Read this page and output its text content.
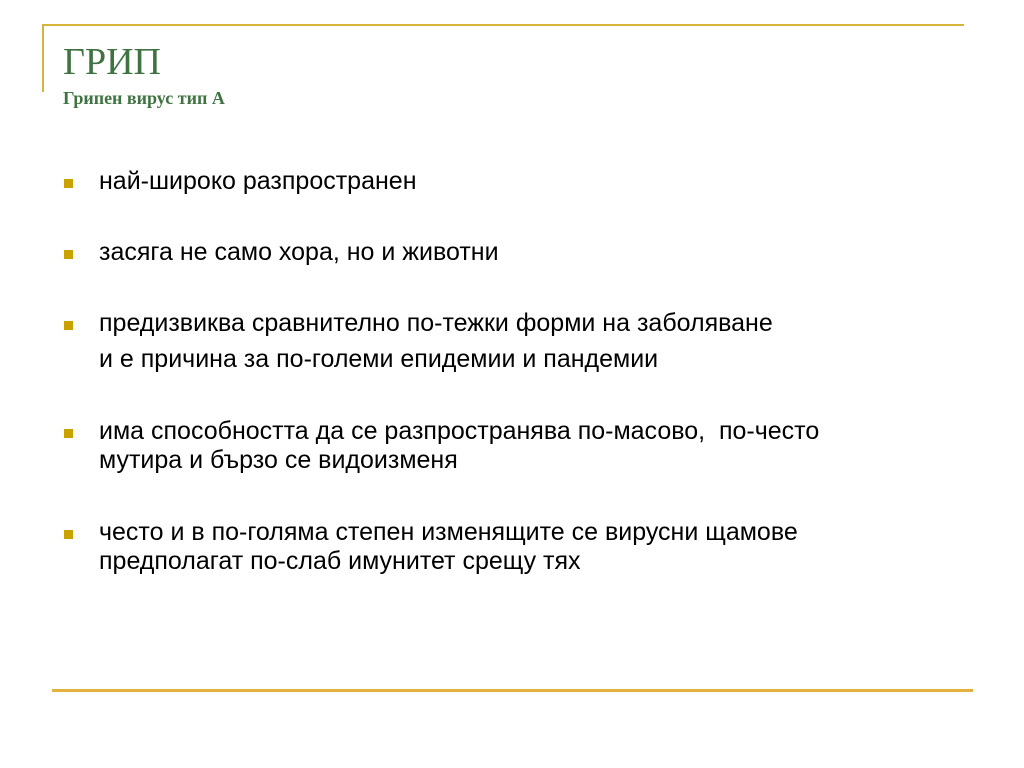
ГРИП
Грипен вирус тип А
най-широко разпространен
засяга не само хора, но и животни
предизвиква сравнително по-тежки форми на заболяване
и е причина за по-големи епидемии и пандемии
има способността да се разпространява по-масово,  по-често
мутира и бързо се видоизменя
често и в по-голяма степен изменящите се вирусни щамове
предполагат по-слаб имунитет срещу тях
